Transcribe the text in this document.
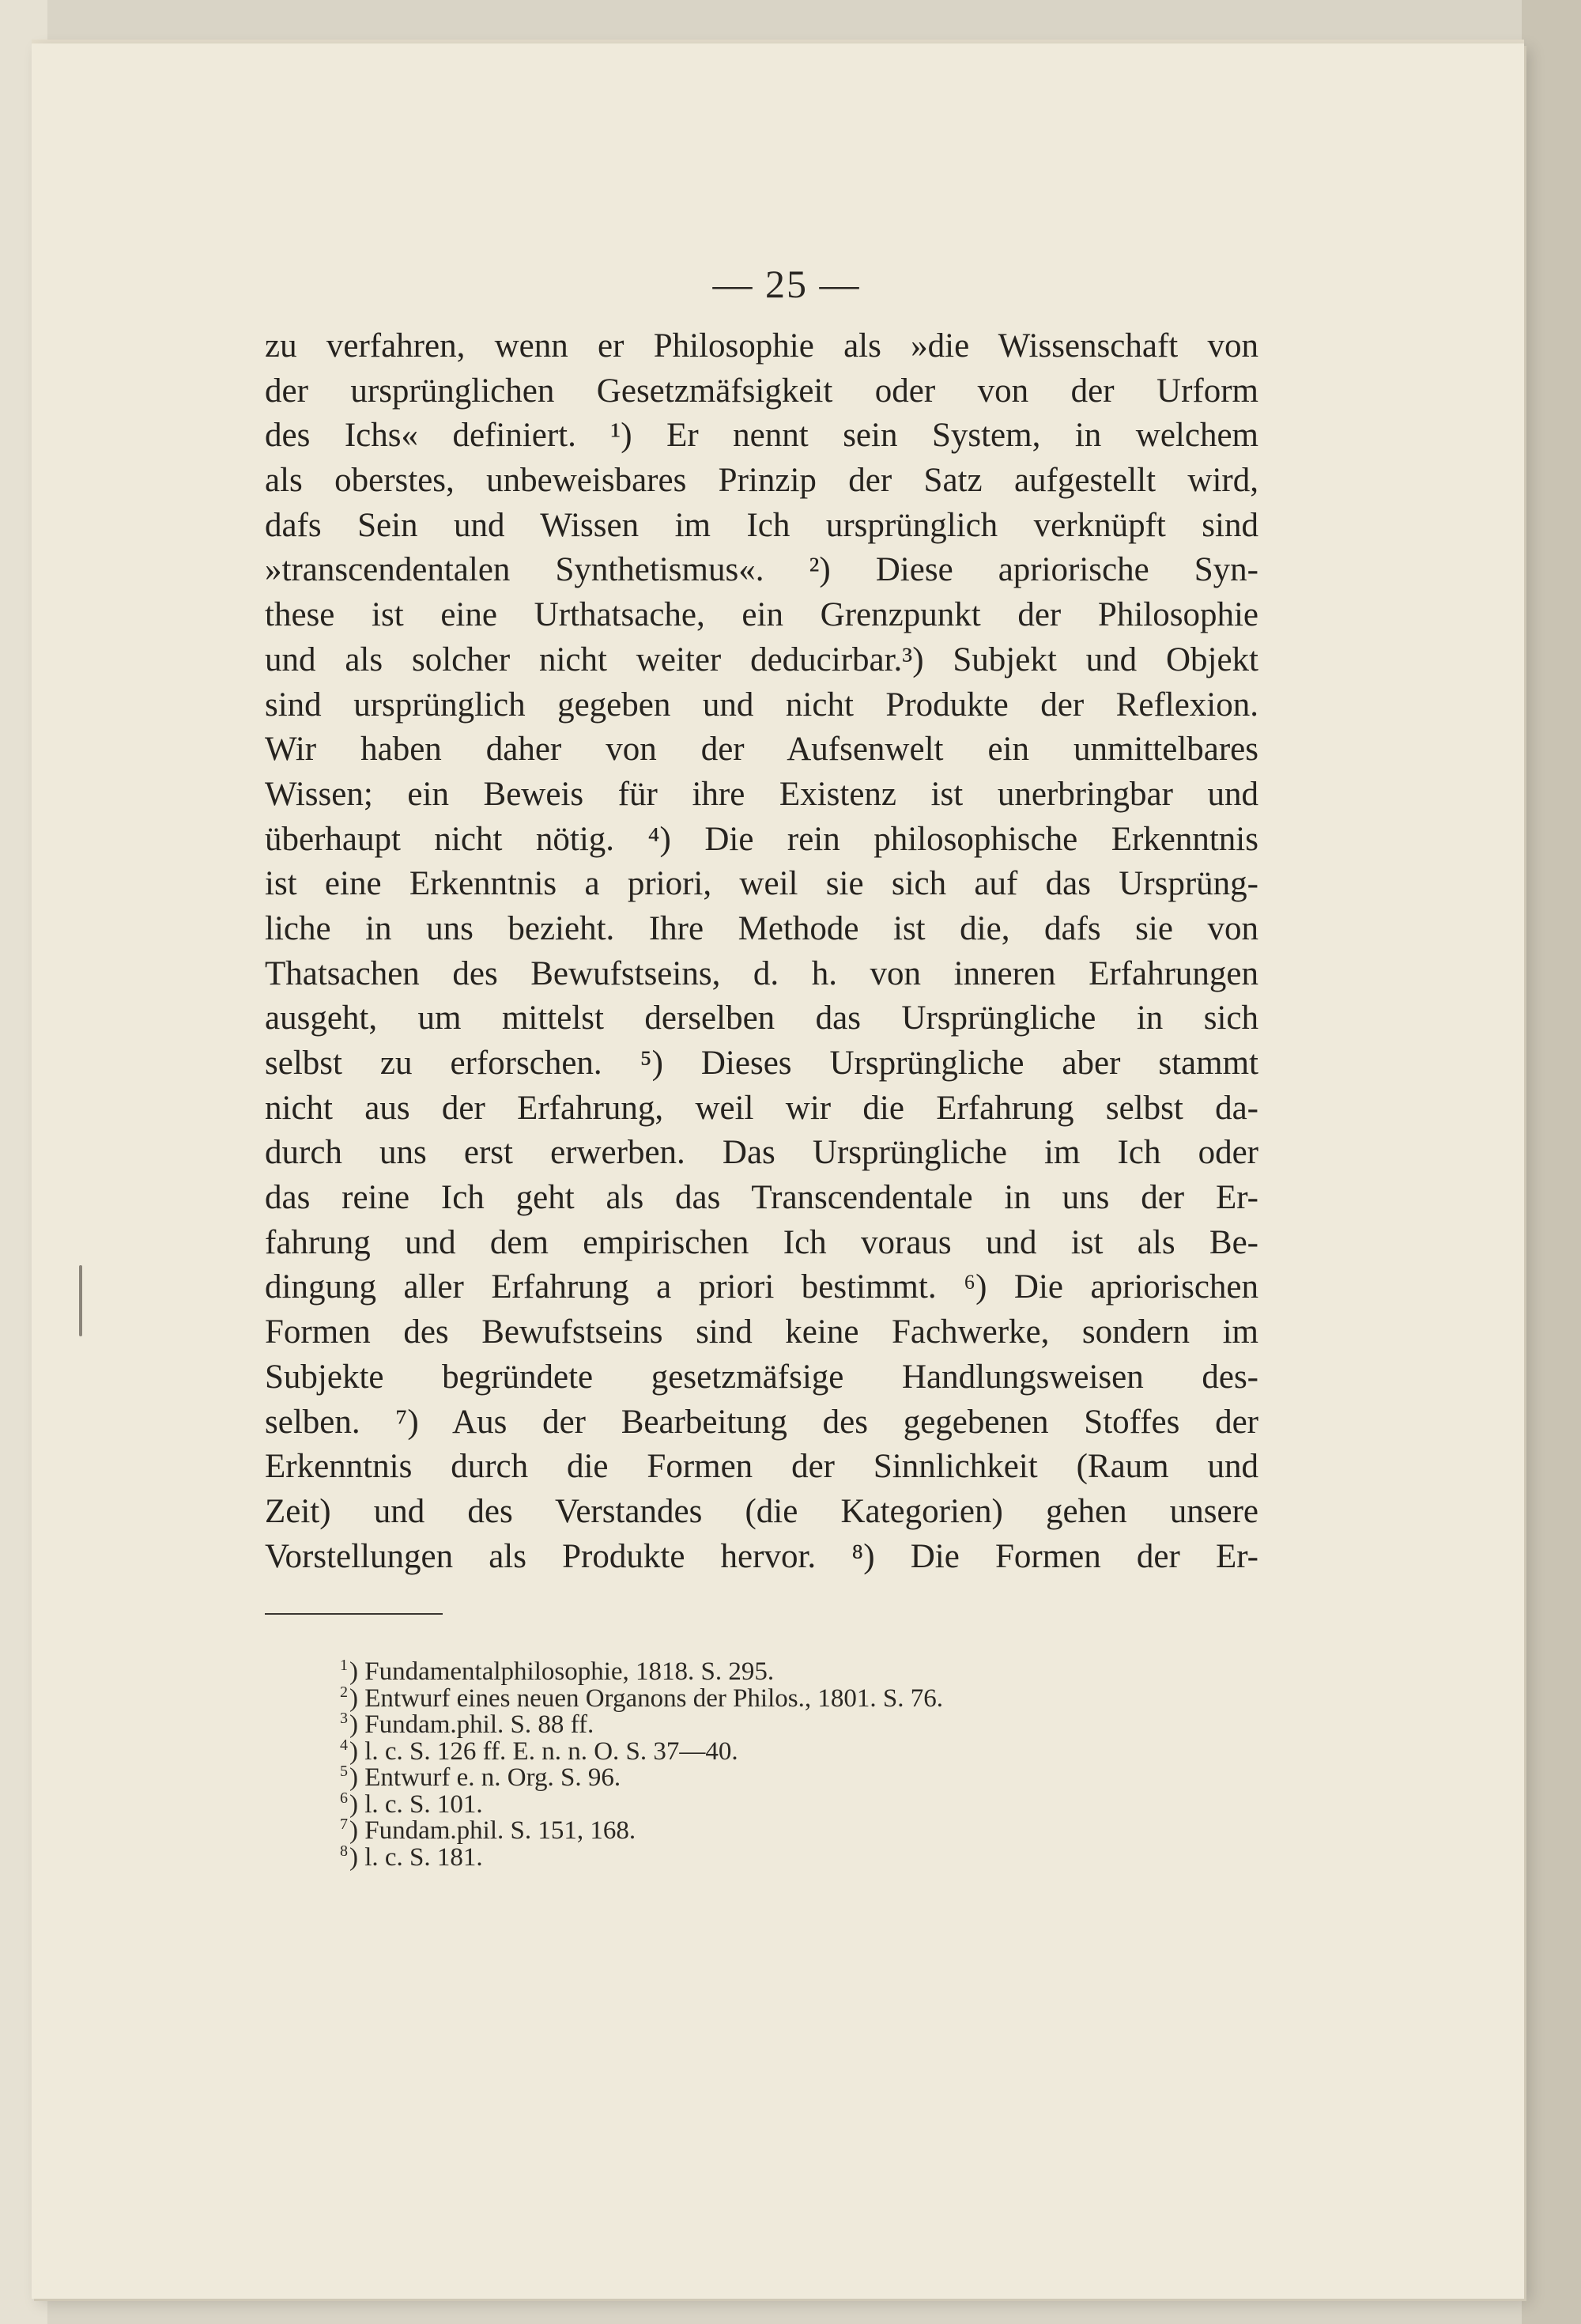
— 25 —
zu verfahren, wenn er Philosophie als »die Wissenschaft von
der ursprünglichen Gesetzmäfsigkeit oder von der Urform
des Ichs« definiert. ¹) Er nennt sein System, in welchem
als oberstes, unbeweisbares Prinzip der Satz aufgestellt wird,
dafs Sein und Wissen im Ich ursprünglich verknüpft sind
»transcendentalen Synthetismus«. ²) Diese apriorische Syn-
these ist eine Urthatsache, ein Grenzpunkt der Philosophie
und als solcher nicht weiter deducirbar.³) Subjekt und Objekt
sind ursprünglich gegeben und nicht Produkte der Reflexion.
Wir haben daher von der Aufsenwelt ein unmittelbares
Wissen; ein Beweis für ihre Existenz ist unerbringbar und
überhaupt nicht nötig. ⁴) Die rein philosophische Erkenntnis
ist eine Erkenntnis a priori, weil sie sich auf das Ursprüng-
liche in uns bezieht. Ihre Methode ist die, dafs sie von
Thatsachen des Bewufstseins, d. h. von inneren Erfahrungen
ausgeht, um mittelst derselben das Ursprüngliche in sich
selbst zu erforschen. ⁵) Dieses Ursprüngliche aber stammt
nicht aus der Erfahrung, weil wir die Erfahrung selbst da-
durch uns erst erwerben. Das Ursprüngliche im Ich oder
das reine Ich geht als das Transcendentale in uns der Er-
fahrung und dem empirischen Ich voraus und ist als Be-
dingung aller Erfahrung a priori bestimmt. ⁶) Die apriorischen
Formen des Bewufstseins sind keine Fachwerke, sondern im
Subjekte begründete gesetzmäfsige Handlungsweisen des-
selben. ⁷) Aus der Bearbeitung des gegebenen Stoffes der
Erkenntnis durch die Formen der Sinnlichkeit (Raum und
Zeit) und des Verstandes (die Kategorien) gehen unsere
Vorstellungen als Produkte hervor. ⁸) Die Formen der Er-
$^1$) Fundamentalphilosophie, 1818. S. 295.
$^2$) Entwurf eines neuen Organons der Philos., 1801. S. 76.
$^3$) Fundam.phil. S. 88 ff.
$^4$) l. c. S. 126 ff. E. n. n. O. S. 37—40.
$^5$) Entwurf e. n. Org. S. 96.
$^6$) l. c. S. 101.
$^7$) Fundam.phil. S. 151, 168.
$^8$) l. c. S. 181.
